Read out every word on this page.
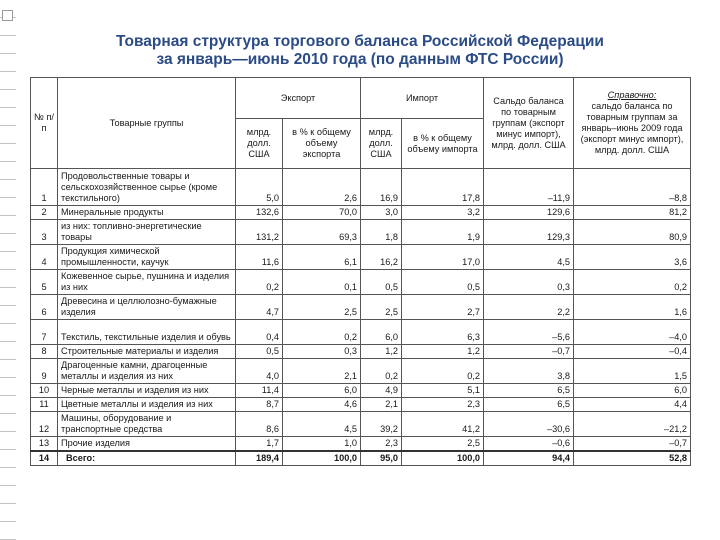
Товарная структура торгового баланса Российской Федерации
за январь—июнь 2010 года (по данным ФТС России)
№ п/п	Товарные группы	Экспорт		Импорт		Сальдо баланса по товарным группам (экспорт минус импорт), млрд. долл. США	Справочно:
сальдо баланса по товарным группам за январь–июнь 2009 года (экспорт минус импорт), млрд. долл. США

		млрд. долл. США	в % к общему объему экспорта	млрд. долл. США	в % к общему объему импорта		
1	Продовольственные товары и сельскохозяйственное сырье (кроме текстильного)	5,0	2,6	16,9	17,8	–11,9	–8,8
2	Минеральные продукты	132,6	70,0	3,0	3,2	129,6	81,2
3	из них: топливно-энергетические товары	131,2	69,3	1,8	1,9	129,3	80,9
4	Продукция химической промышленности, каучук	11,6	6,1	16,2	17,0	4,5	3,6
5	Кожевенное сырье, пушнина и изделия из них	0,2	0,1	0,5	0,5	0,3	0,2
6	Древесина и целлюлозно-бумажные изделия	4,7	2,5	2,5	2,7	2,2	1,6
7	Текстиль, текстильные изделия и обувь	0,4	0,2	6,0	6,3	–5,6	–4,0
8	Строительные материалы и изделия	0,5	0,3	1,2	1,2	–0,7	–0,4
9	Драгоценные камни, драгоценные металлы и изделия из них	4,0	2,1	0,2	0,2	3,8	1,5
10	Черные металлы и изделия из них	11,4	6,0	4,9	5,1	6,5	6,0
11	Цветные металлы и изделия из них	8,7	4,6	2,1	2,3	6,5	4,4
12	Машины, оборудование и транспортные средства	8,6	4,5	39,2	41,2	–30,6	–21,2
13	Прочие изделия	1,7	1,0	2,3	2,5	–0,6	–0,7
14	Всего:	189,4	100,0	95,0	100,0	94,4	52,8
